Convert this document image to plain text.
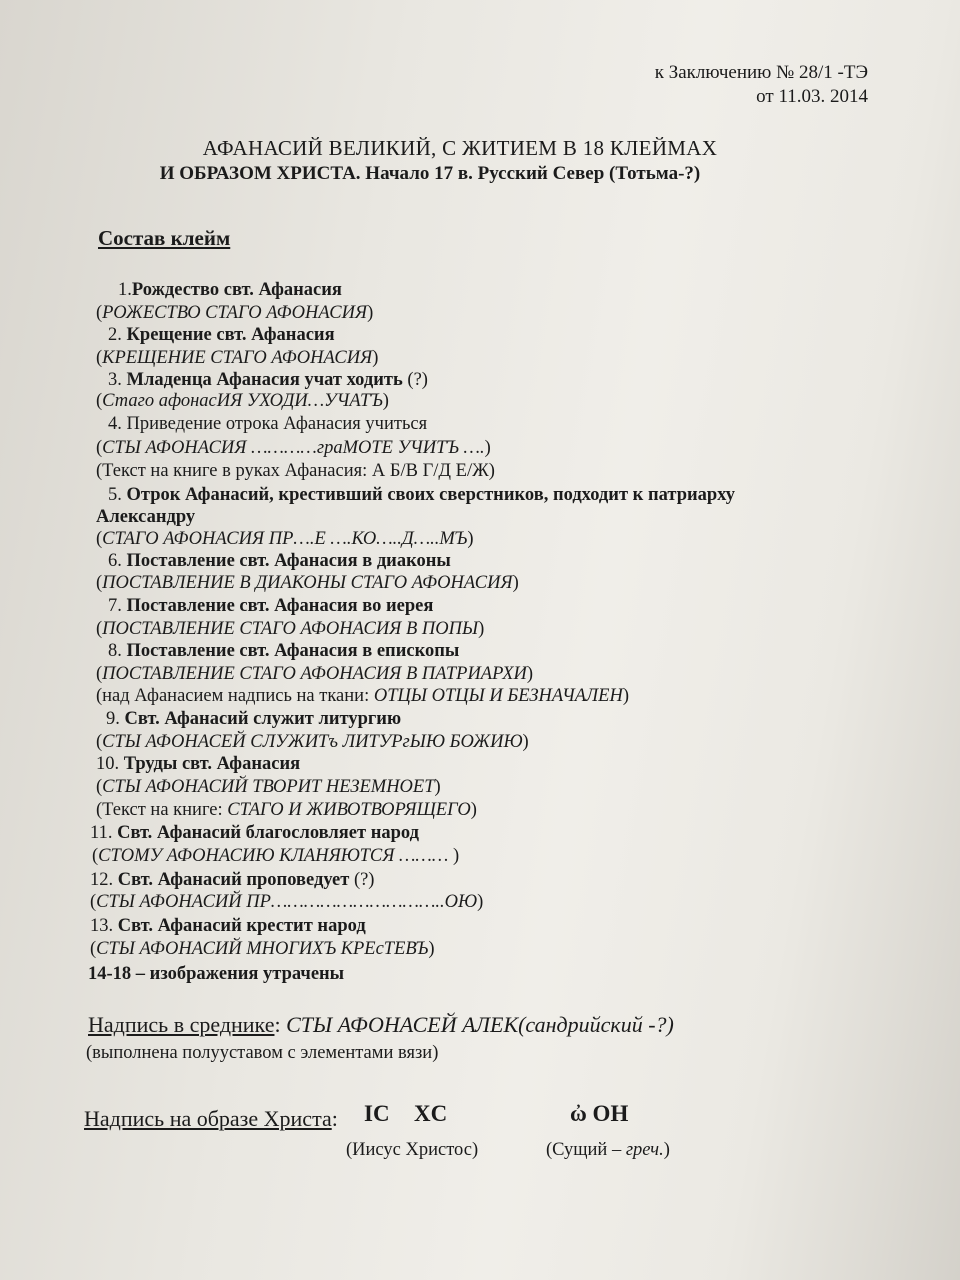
к Заключению № 28/1 -ТЭ
от 11.03. 2014
АФАНАСИЙ ВЕЛИКИЙ, С ЖИТИЕМ В 18 КЛЕЙМАХ
И ОБРАЗОМ ХРИСТА. Начало 17 в. Русский Север (Тотьма-?)
Состав клейм
1.Рождество свт. Афанасия
(РОЖЕСТВО СТАГО АФОНАСИЯ)
2. Крещение свт. Афанасия
(КРЕЩЕНИЕ СТАГО АФОНАСИЯ)
3. Младенца Афанасия учат ходить (?)
(Стаго афонасИЯ УХОДИ…УЧАТЪ)
4. Приведение отрока Афанасия учиться
(СТЫ АФОНАСИЯ …………граМОТЕ УЧИТЪ ….)
(Текст на книге в руках Афанасия: А Б/В Г/Д Е/Ж)
5. Отрок Афанасий, крестивший своих сверстников, подходит к патриарху
Александру
(СТАГО АФОНАСИЯ ПР….Е ….КО…..Д…..МЪ)
6. Поставление свт. Афанасия в диаконы
(ПОСТАВЛЕНИЕ В ДИАКОНЫ СТАГО АФОНАСИЯ)
7. Поставление свт. Афанасия во иерея
(ПОСТАВЛЕНИЕ СТАГО АФОНАСИЯ В ПОПЫ)
8. Поставление свт. Афанасия в епископы
(ПОСТАВЛЕНИЕ СТАГО АФОНАСИЯ В ПАТРИАРХИ)
(над Афанасием надпись на ткани: ОТЦЫ ОТЦЫ И БЕЗНАЧАЛЕН)
9. Свт. Афанасий служит литургию
(СТЫ АФОНАСЕЙ СЛУЖИТъ ЛИТУРгЫЮ БОЖИЮ)
10. Труды свт. Афанасия
(СТЫ АФОНАСИЙ ТВОРИТ НЕЗЕМНОЕТ)
(Текст на книге: СТАГО И ЖИВОТВОРЯЩЕГО)
11. Свт. Афанасий благословляет народ
(СТОМУ АФОНАСИЮ КЛАНЯЮТСЯ ……… )
12. Свт. Афанасий проповедует (?)
(СТЫ АФОНАСИЙ ПР…………………………..ОЮ)
13. Свт. Афанасий крестит народ
(СТЫ АФОНАСИЙ МНОГИХЪ КРЕсТЕВЪ)
14-18 – изображения утрачены
Надпись в среднике: СТЫ АФОНАСЕЙ АЛЕК(сандрийский -?)
(выполнена полууставом с элементами вязи)
Надпись на образе Христа: IC XC	ὠ ОН
(Иисус Христос)	(Сущий – греч.)
